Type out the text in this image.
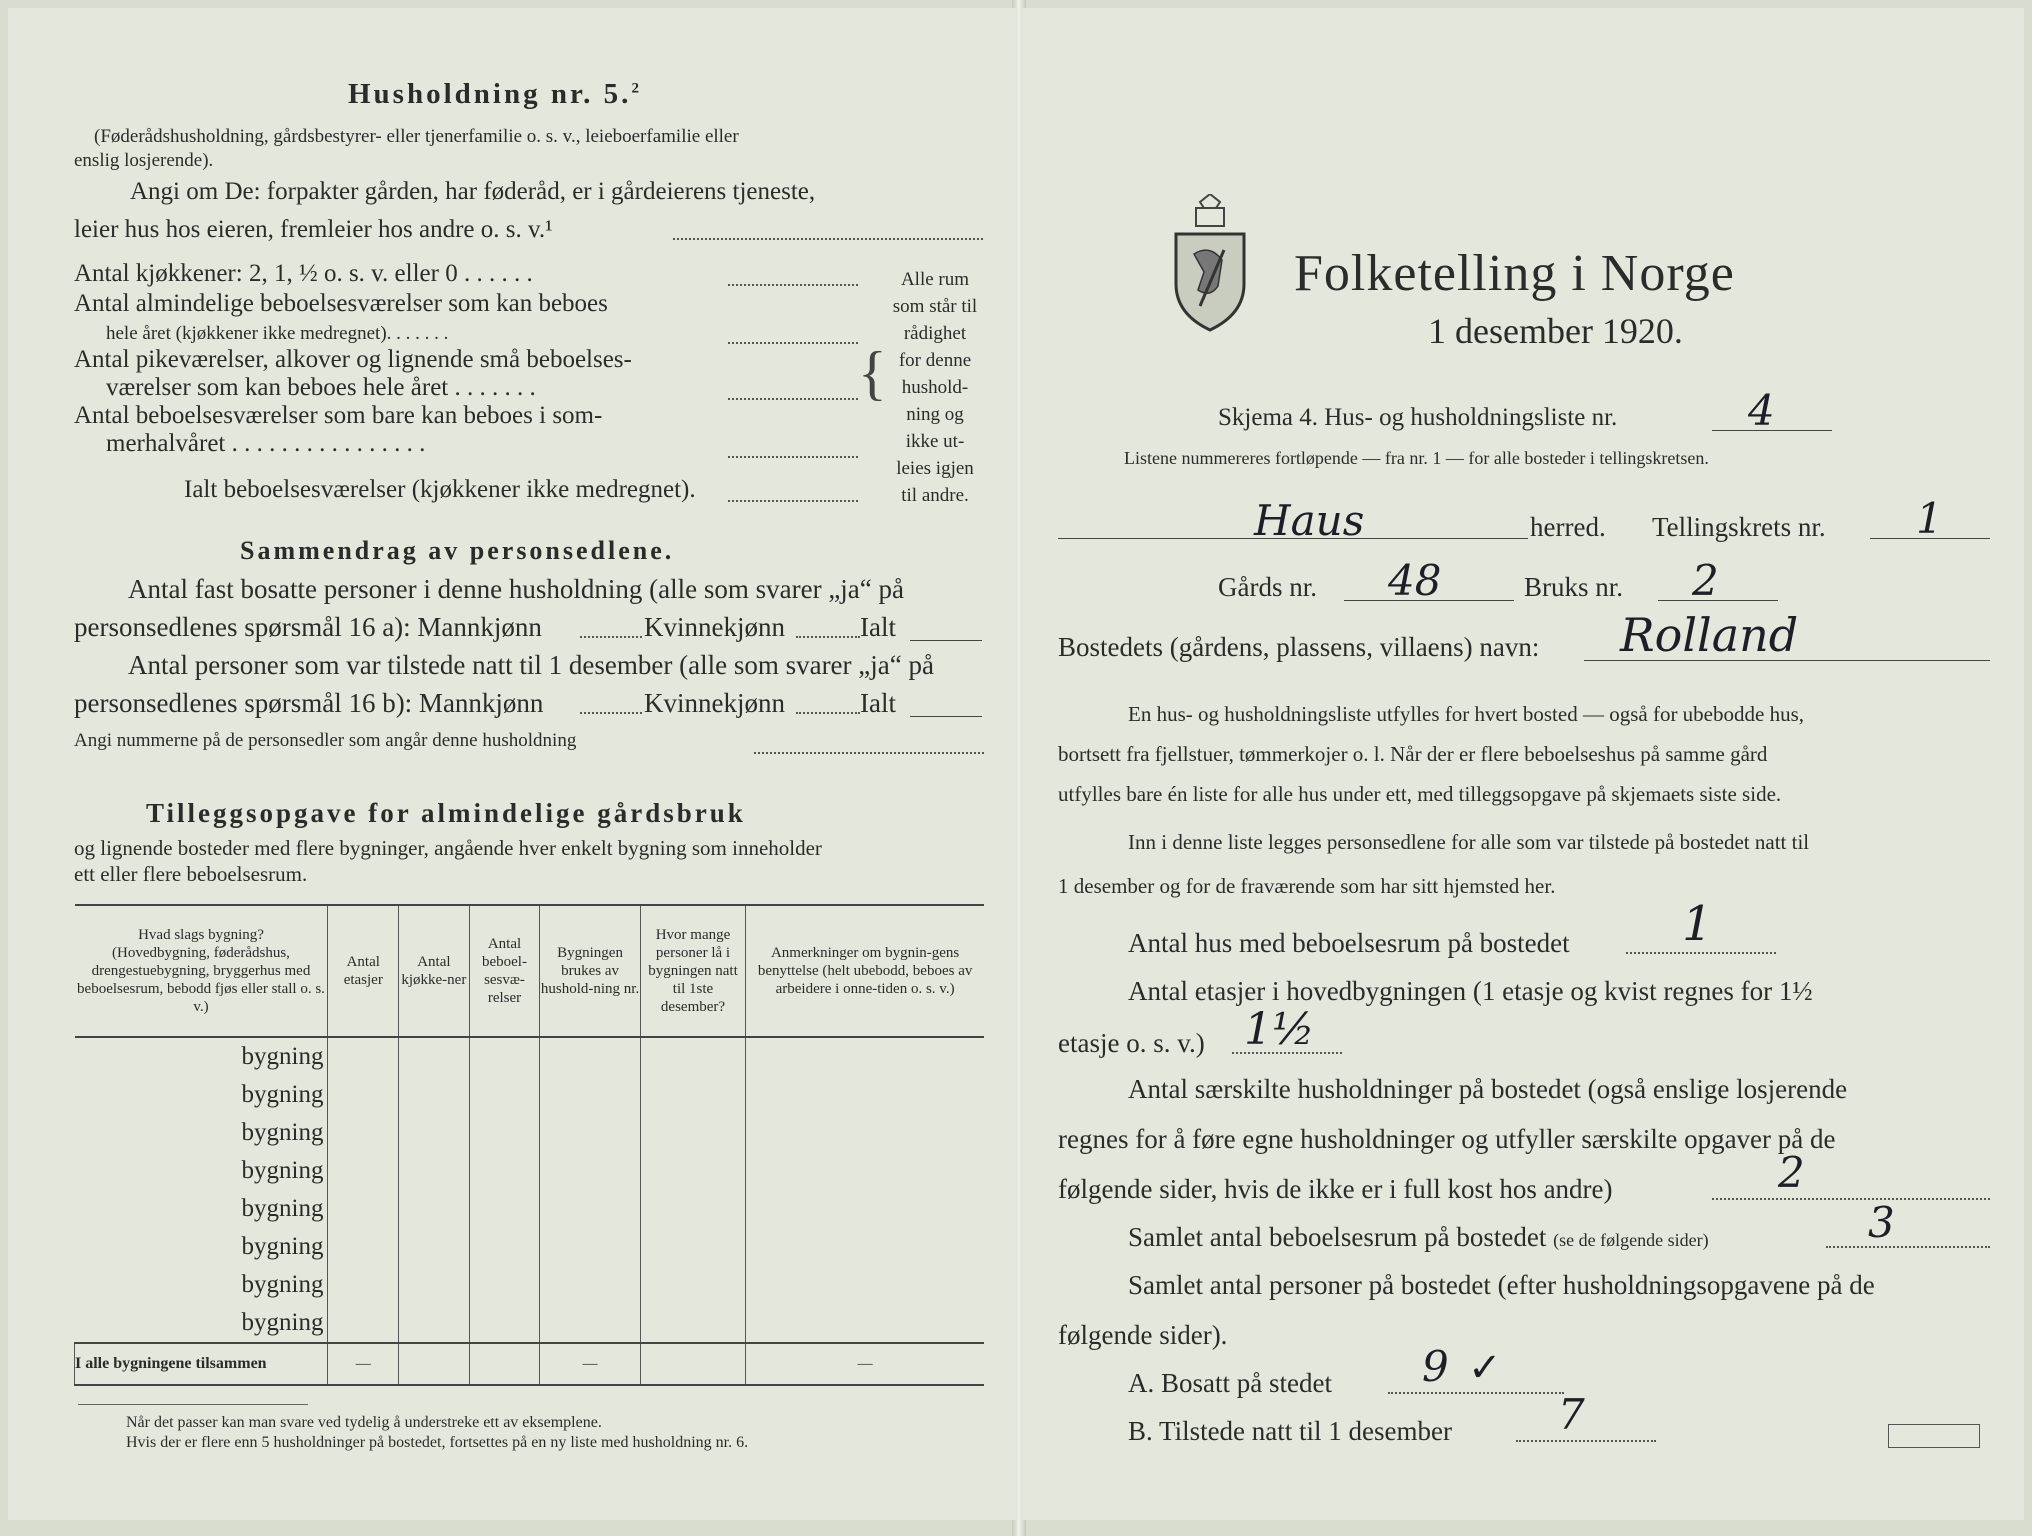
Husholdning nr. 5.$^2$
(Føderådshusholdning, gårdsbestyrer- eller tjenerfamilie o. s. v., leieboerfamilie eller
enslig losjerende).
Angi om De: forpakter gården, har føderåd, er i gårdeierens tjeneste,
leier hus hos eieren, fremleier hos andre o. s. v.¹
Antal kjøkkener: 2, 1, ½ o. s. v. eller 0 . . . . . .
Antal almindelige beboelsesværelser som kan beboes
hele året (kjøkkener ikke medregnet). . . . . . .
Antal pikeværelser, alkover og lignende små beboelses-
værelser som kan beboes hele året . . . . . . .
Antal beboelsesværelser som bare kan beboes i som-
merhalvåret . . . . . . . . . . . . . . . .
Ialt beboelsesværelser (kjøkkener ikke medregnet).
{
Alle rum
som står til
rådighet
for denne
hushold-
ning og
ikke ut-
leies igjen
til andre.
Sammendrag av personsedlene.
Antal fast bosatte personer i denne husholdning (alle som svarer „ja“ på
personsedlenes spørsmål 16 a): Mannkjønn	Kvinnekjønn	Ialt
Antal personer som var tilstede natt til 1 desember (alle som svarer „ja“ på
personsedlenes spørsmål 16 b): Mannkjønn	Kvinnekjønn	Ialt
Angi nummerne på de personsedler som angår denne husholdning
Tilleggsopgave for almindelige gårdsbruk
og lignende bosteder med flere bygninger, angående hver enkelt bygning som inneholder
ett eller flere beboelsesrum.
Hvad slags bygning?
(Hovedbygning, føderådshus, drengestuebygning, bryggerhus med beboelsesrum, bebodd fjøs eller stall o. s. v.)	Antal etasjer	Antal kjøkke-ner	Antal beboel-sesvæ-relser	Bygningen brukes av hushold-ning nr.	Hvor mange personer lå i bygningen natt til 1ste desember?	Anmerkninger om bygnin-gens benyttelse (helt ubebodd, beboes av arbeidere i onne-tiden o. s. v.)
bygning						
bygning						
bygning						
bygning						
bygning						
bygning						
bygning						
bygning						
I alle bygningene tilsammen	—			—		—
Når det passer kan man svare ved tydelig å understreke ett av eksemplene.
Hvis der er flere enn 5 husholdninger på bostedet, fortsettes på en ny liste med husholdning nr. 6.
Folketelling i Norge
1 desember 1920.
Skjema 4. Hus- og husholdningsliste nr.	4
Listene nummereres fortløpende — fra nr. 1 — for alle bosteder i tellingskretsen.
Haus	herred. Tellingskrets nr. 1
Gårds nr. 48	Bruks nr. 2
Bostedets (gårdens, plassens, villaens) navn: Rolland
En hus- og husholdningsliste utfylles for hvert bosted — også for ubebodde hus,
bortsett fra fjellstuer, tømmerkojer o. l. Når der er flere beboelseshus på samme gård
utfylles bare én liste for alle hus under ett, med tilleggsopgave på skjemaets siste side.
Inn i denne liste legges personsedlene for alle som var tilstede på bostedet natt til
1 desember og for de fraværende som har sitt hjemsted her.
Antal hus med beboelsesrum på bostedet 1
Antal etasjer i hovedbygningen (1 etasje og kvist regnes for 1½
etasje o. s. v.) 1½
Antal særskilte husholdninger på bostedet (også enslige losjerende
regnes for å føre egne husholdninger og utfyller særskilte opgaver på de
følgende sider, hvis de ikke er i full kost hos andre)	2
Samlet antal beboelsesrum på bostedet (se de følgende sider)	3
Samlet antal personer på bostedet (efter husholdningsopgavene på de
følgende sider).
A. Bosatt på stedet 9 ✓
B. Tilstede natt til 1 desember	7
